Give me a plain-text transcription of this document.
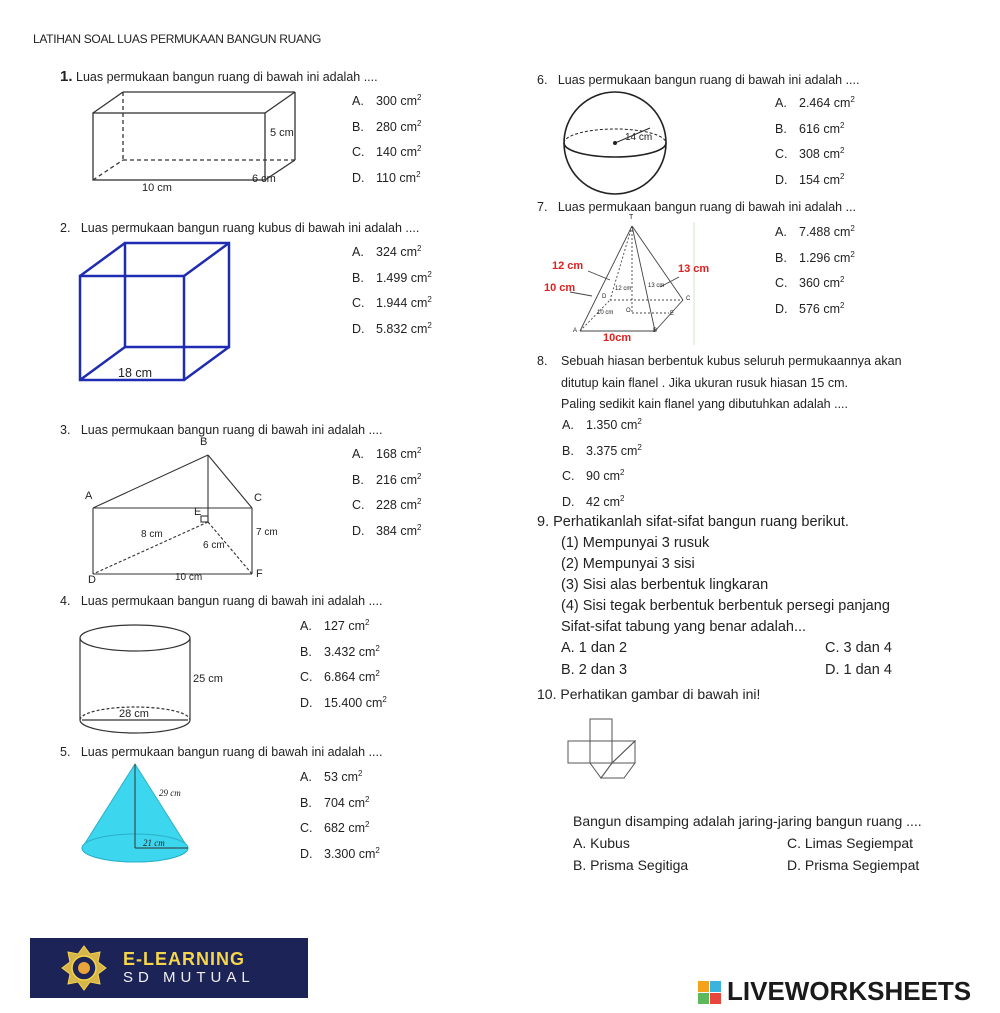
LATIHAN SOAL LUAS PERMUKAAN BANGUN RUANG
1. Luas permukaan bangun ruang di bawah ini adalah ....
A. 300 $cm^2$
B. 280 $cm^2$
C. 140 $cm^2$
D. 110 $cm^2$
5 cm
6 cm
10 cm
2. Luas permukaan bangun ruang kubus di bawah ini adalah ....
A. 324 $cm^2$
B. 1.499 $cm^2$
C. 1.944 $cm^2$
D. 5.832 $cm^2$
18 cm
3. Luas permukaan bangun ruang di bawah ini adalah ....
A. 168 $cm^2$
B. 216 $cm^2$
C. 228 $cm^2$
D. 384 $cm^2$
B
A	C
E
8 cm	7 cm
6 cm
D	10 cm	F
4. Luas permukaan bangun ruang di bawah ini adalah ....
A. 127 $cm^2$
B. 3.432 $cm^2$
C. 6.864 $cm^2$
D. 15.400 $cm^2$
25 cm
28 cm
5. Luas permukaan bangun ruang di bawah ini adalah ....
A. 53 $cm^2$
B. 704 $cm^2$
C. 682 $cm^2$
D. 3.300 $cm^2$
29 cm
21 cm
6. Luas permukaan bangun ruang di bawah ini adalah ....
A. 2.464 $cm^2$
B. 616 $cm^2$
C. 308 $cm^2$
D. 154 $cm^2$
14 cm
7. Luas permukaan bangun ruang di bawah ini adalah ...
A. 7.488 $cm^2$
B. 1.296 $cm^2$
C. 360 $cm^2$
D. 576 $cm^2$
T
12 cm	13 cm
10 cm	12 cm	13 cm
D	C
10 cm O	E
A	B
10cm
8. Sebuah hiasan berbentuk kubus seluruh permukaannya akan
ditutup kain flanel . Jika ukuran rusuk hiasan 15 cm.
Paling sedikit kain flanel yang dibutuhkan adalah ....
A. 1.350 $cm^2$
B. 3.375 $cm^2$
C. 90 $cm^2$
D. 42 $cm^2$
9. Perhatikanlah sifat-sifat bangun ruang berikut.
(1) Mempunyai 3 rusuk
(2) Mempunyai 3 sisi
(3) Sisi alas berbentuk lingkaran
(4) Sisi tegak berbentuk berbentuk persegi panjang
Sifat-sifat tabung yang benar adalah...
A. 1 dan 2	C. 3 dan 4
B. 2 dan 3	D. 1 dan 4
10. Perhatikan gambar di bawah ini!
Bangun disamping adalah jaring-jaring bangun ruang ....
A. Kubus	C. Limas Segiempat
B. Prisma Segitiga	D. Prisma Segiempat
E-LEARNING
SD MUTUAL	LIVEWORKSHEETS
